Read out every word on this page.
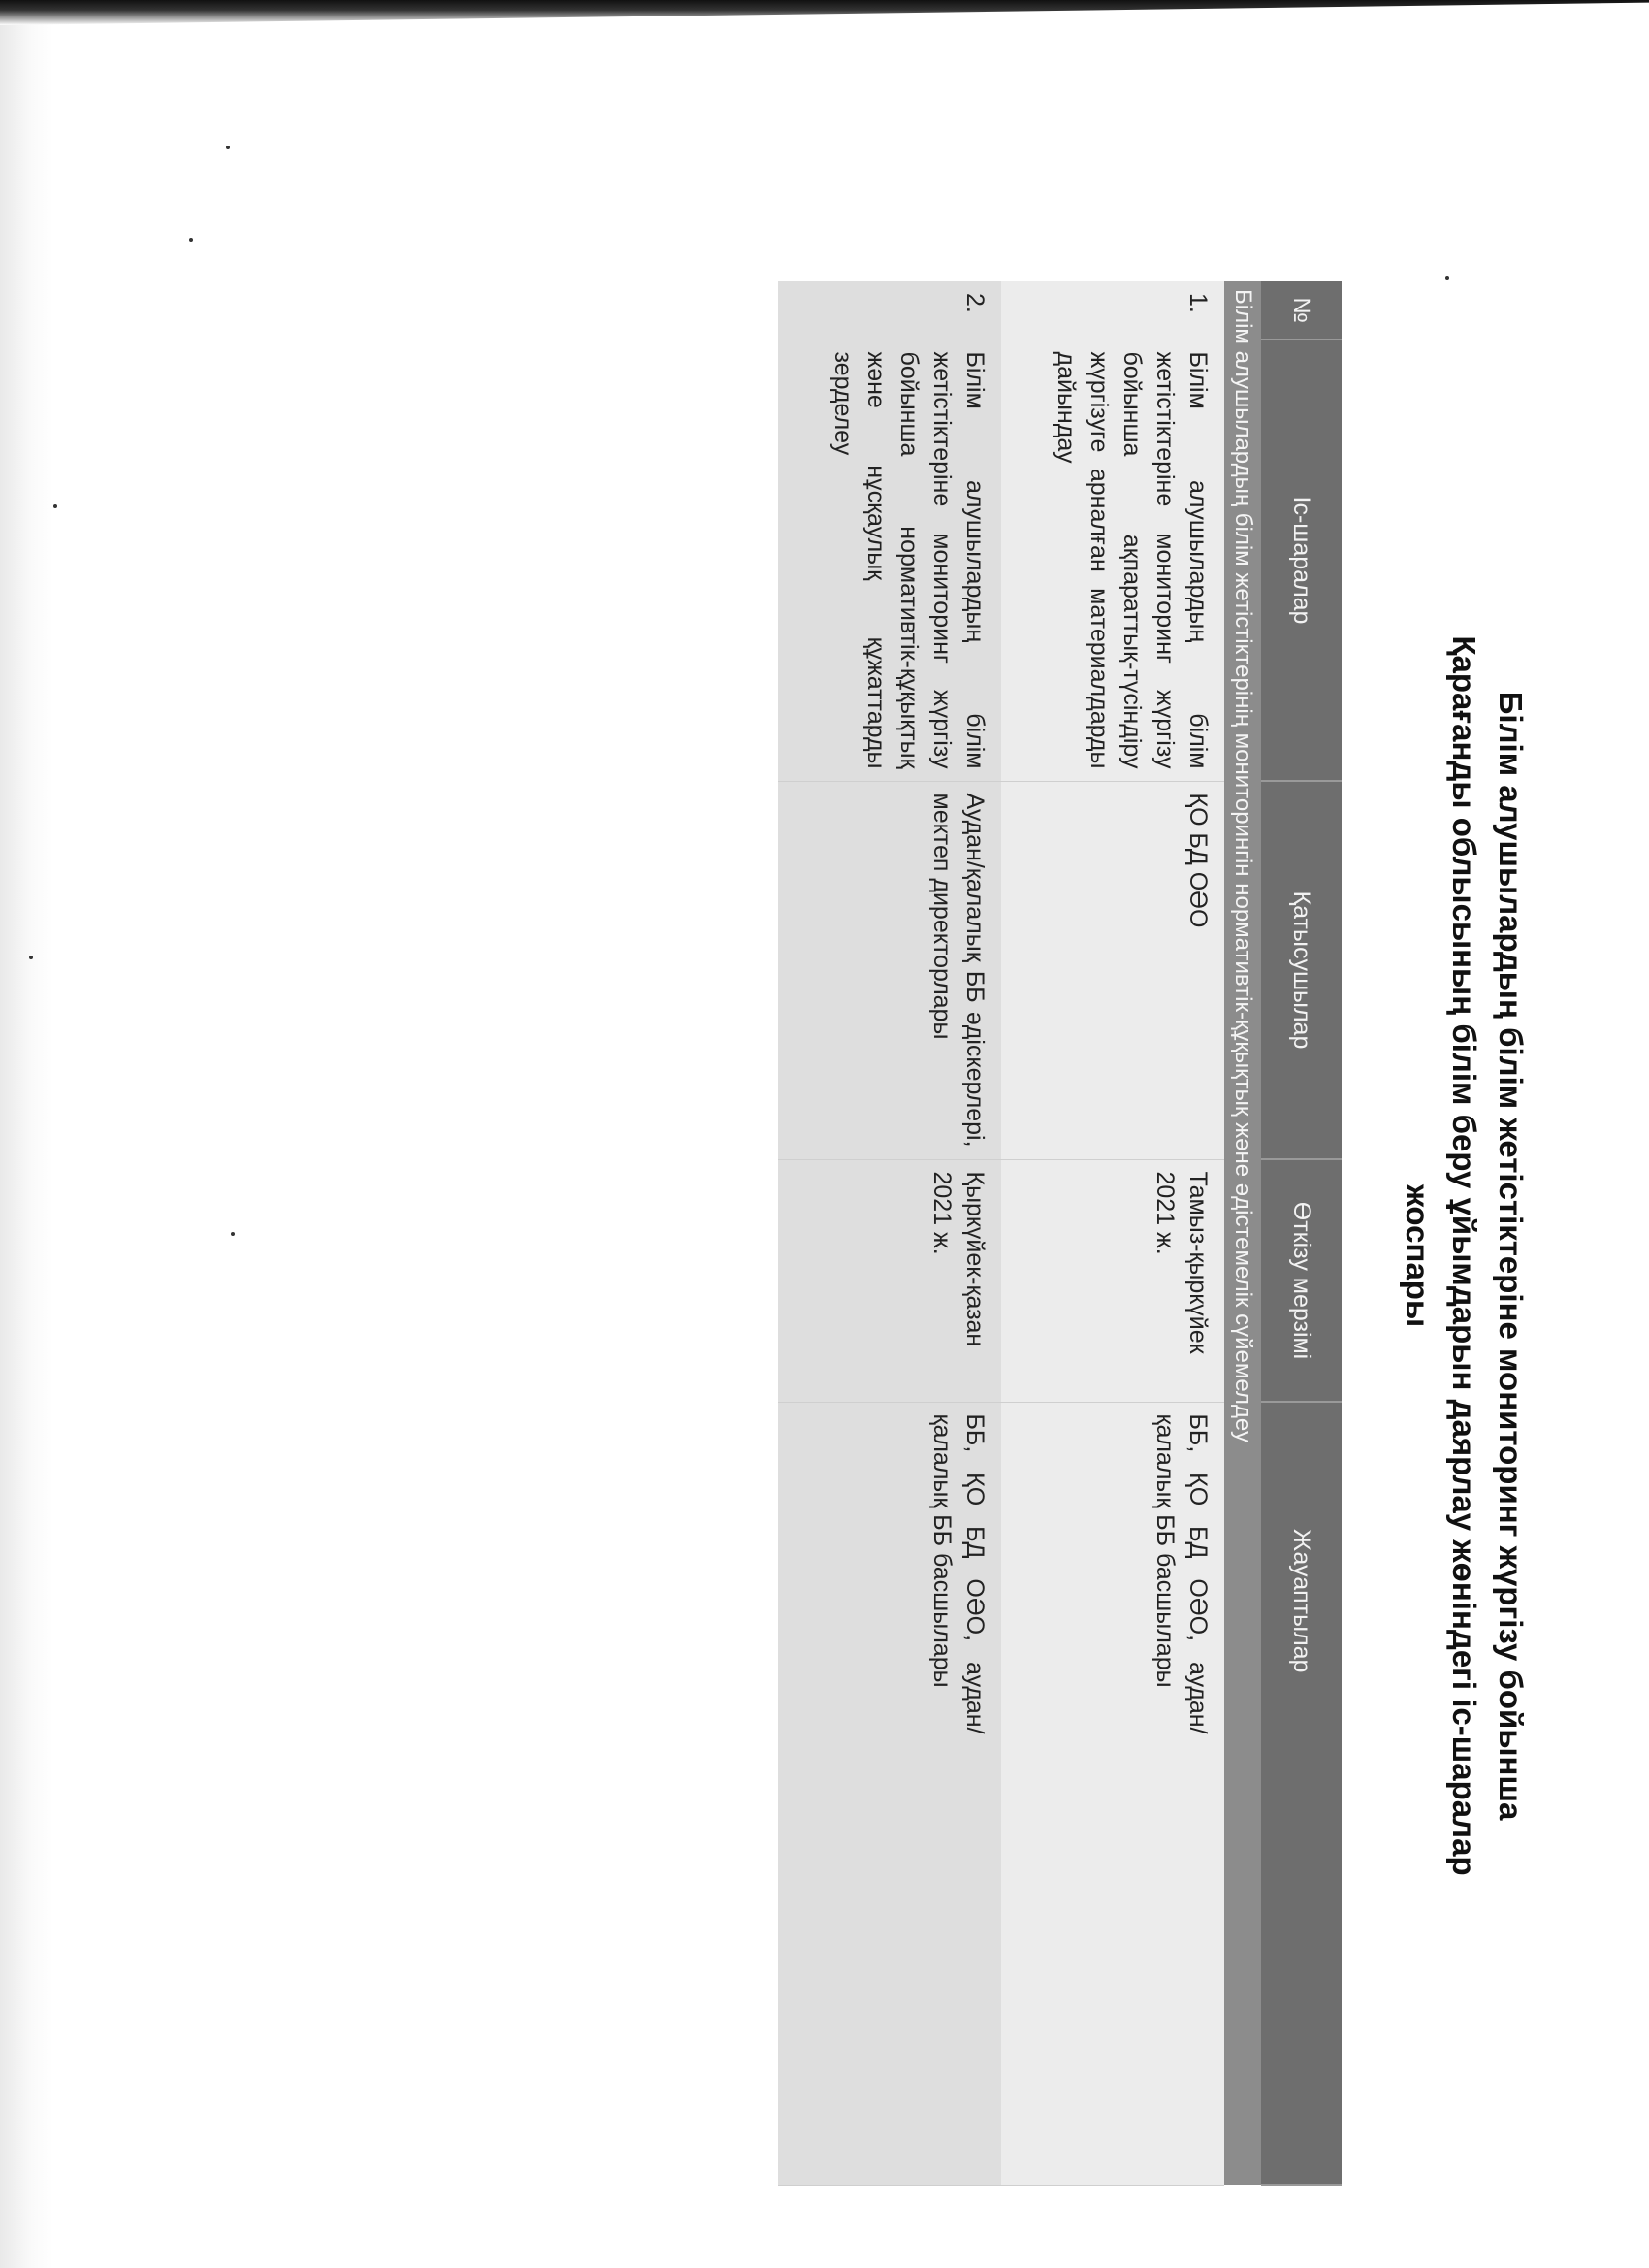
Білім алушылардың білім жетістіктеріне мониторинг жүргізу бойынша
Қарағанды облысының білім беру ұйымдарын даярлау жөніндегі іс-шаралар
жоспары
№	Іс-шаралар	Қатысушылар	Өткізу мерзімі	Жауаптылар
Білім алушылардың білім жетістіктерінің мониторингін нормативтік-құқықтық және әдістемелік сүйемелдеу				
1.	Білім алушылардың білім жетістіктеріне мониторинг жүргізу бойынша ақпараттық-түсіндіру жүргізуге арналған материалдарды дайындау	ҚО БД ОӘО	Тамыз-қыркүйек 2021 ж.	ББ, ҚО БД ОӘО, аудан/қалалық ББ басшылары

2.	Білім алушылардың білім жетістіктеріне мониторинг жүргізу бойынша нормативтік-құқықтық және нұсқаулық құжаттарды зерделеу	Аудан/қалалық ББ әдіскерлері, мектеп директорлары	Қыркүйек-қазан 2021 ж.	ББ, ҚО БД ОӘО, аудан/қалалық ББ басшылары
